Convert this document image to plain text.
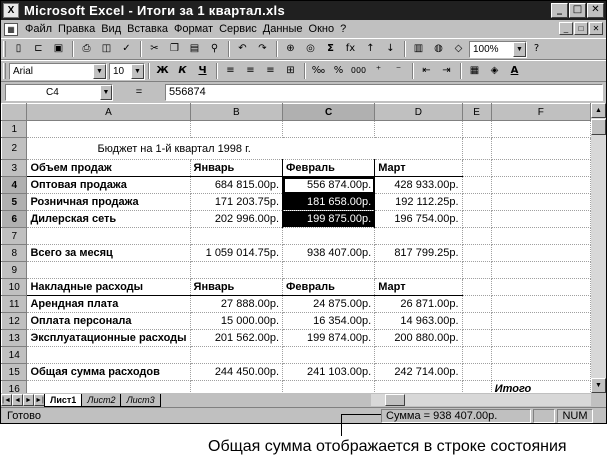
X Microsoft Excel - Итоги за 1 квартал.xls	_	□ ✕
▦ Файл Правка Вид Вставка Формат Сервис Данные Окно ?	_	□	✕
▯	⊏	▣	⎙	◫	✓	✂	❐	▤	⚲	↶	↷	⊕	◎	Σ	fx	↑	↓	▥	◍	◇	100%	▼	?
Arial	▼	10	▼	Ж К	Ч	≡	≡	≡	⊞	‰ % 000 ⁺	⁻	⇤	⇥	▦	◈	A
C4	▼	=	556874
	A	B	C	D	E	F
1						
2	Бюджет на 1-й квартал 1998 г.					
3	Объем продаж	Январь	Февраль	Март		
4	Оптовая продажа	684 815.00р.	556 874.00р.	428 933.00р.		
5	Розничная продажа	171 203.75р.	181 658.00р.	192 112.25р.		
6	Дилерская сеть	202 996.00р.	199 875.00р.	196 754.00р.		
7						
8	Всего за месяц	1 059 014.75р.	938 407.00р.	817 799.25р.		
9						
10	Накладные расходы	Январь	Февраль	Март		
11	Арендная плата	27 888.00р.	24 875.00р.	26 871.00р.		
12	Оплата персонала	15 000.00р.	16 354.00р.	14 963.00р.		
13	Эксплуатационные расходы	201 562.00р.	199 874.00р.	200 880.00р.		
14						
15	Общая сумма расходов	244 450.00р.	241 103.00р.	242 714.00р.		
16						Итого

▲
▼
|◄ ◄ ► ►| Лист1	Лист2	Лист3
Готово	Сумма = 938 407.00р.	NUM
Общая сумма отображается в строке состояния
